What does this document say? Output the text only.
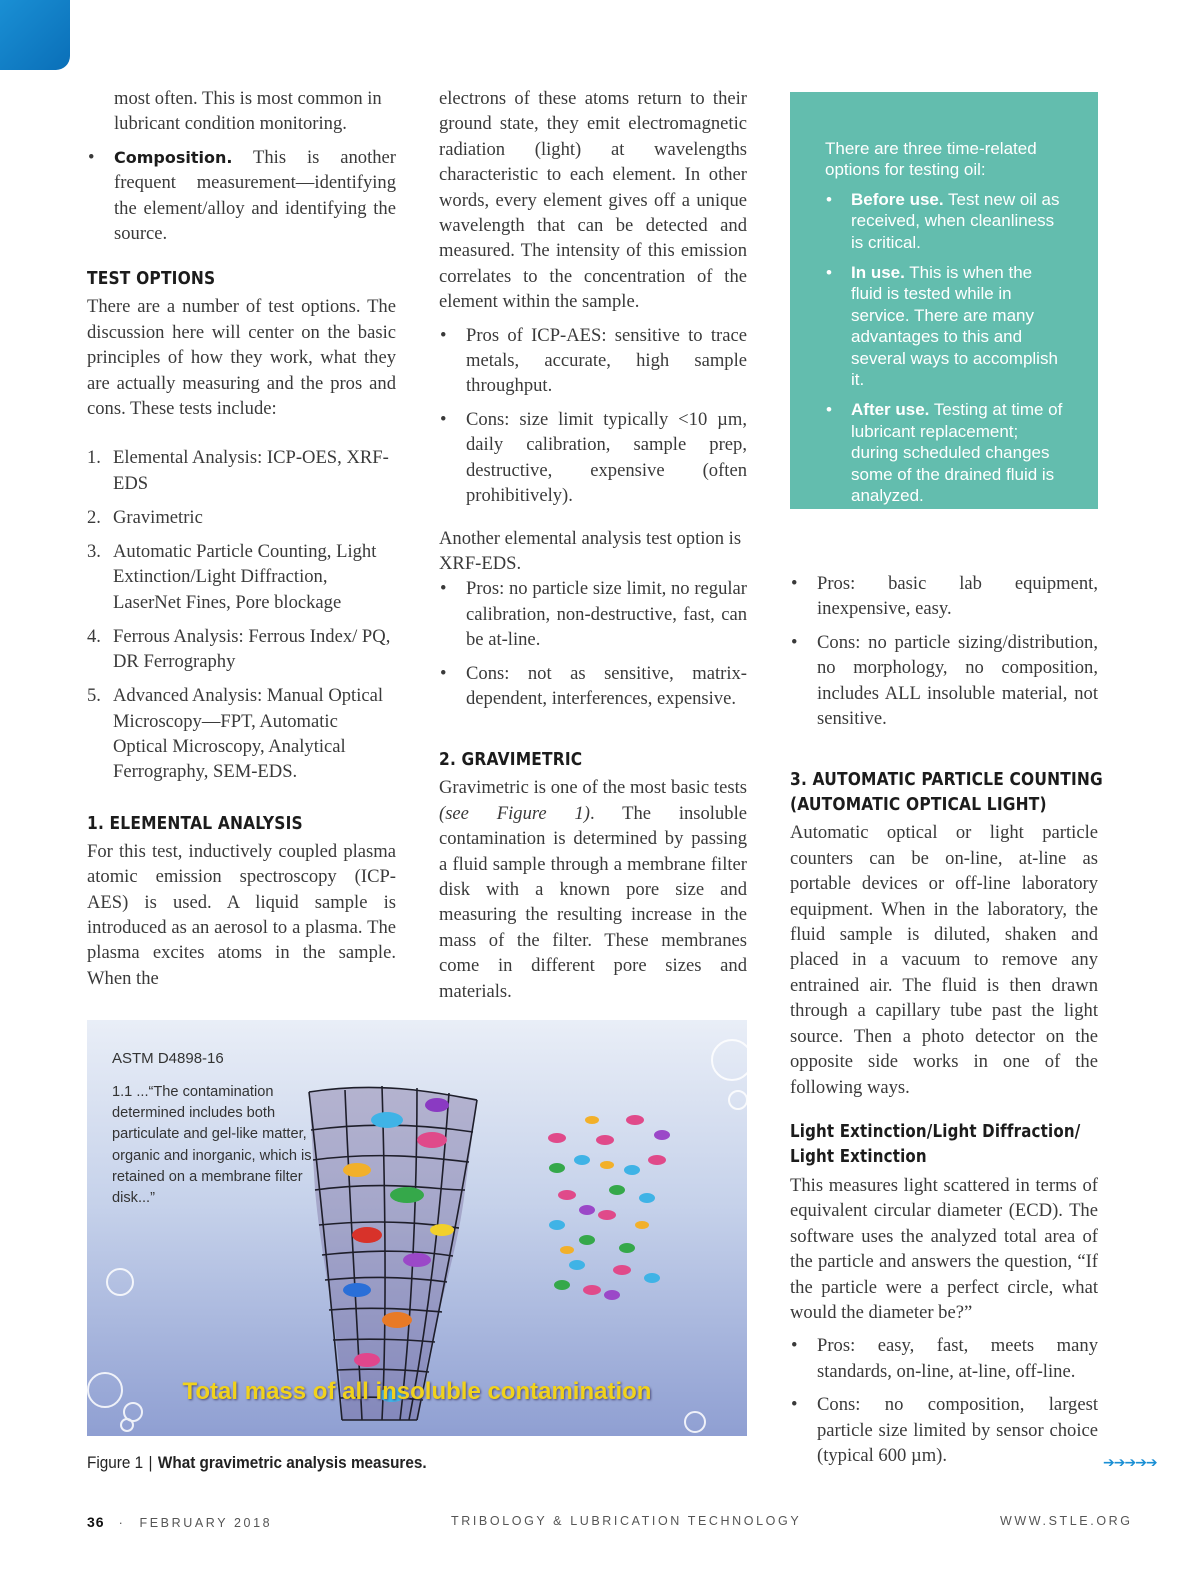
most often. This is most common in lubricant condition monitoring.

• Composition. This is another frequent measurement—identifying the element/alloy and identifying the source.
TEST OPTIONS

There are a number of test options. The discussion here will center on the basic principles of how they work, what they are actually measuring and the pros and cons. These tests include:

1. Elemental Analysis: ICP-OES, XRF-EDS
2. Gravimetric
3. Automatic Particle Counting, Light Extinction/Light Diffraction, LaserNet Fines, Pore blockage
4. Ferrous Analysis: Ferrous Index/ PQ, DR Ferrography
5. Advanced Analysis: Manual Optical Microscopy—FPT, Automatic Optical Microscopy, Analytical Ferrography, SEM-EDS.
1. ELEMENTAL ANALYSIS

For this test, inductively coupled plasma atomic emission spectroscopy (ICP-AES) is used. A liquid sample is introduced as an aerosol to a plasma. The plasma excites atoms in the sample. When the

electrons of these atoms return to their ground state, they emit electromagnetic radiation (light) at wavelengths characteristic to each element. In other words, every element gives off a unique wavelength that can be detected and measured. The intensity of this emission correlates to the concentration of the element within the sample.

• Pros of ICP-AES: sensitive to trace metals, accurate, high sample throughput.
• Cons: size limit typically <10 µm, daily calibration, sample prep, destructive, expensive (often prohibitively).

Another elemental analysis test option is XRF-EDS.

• Pros: no particle size limit, no regular calibration, non-destructive, fast, can be at-line.
• Cons: not as sensitive, matrix-dependent, interferences, expensive.
2. GRAVIMETRIC

Gravimetric is one of the most basic tests (see Figure 1). The insoluble contamination is determined by passing a fluid sample through a membrane filter disk with a known pore size and measuring the resulting increase in the mass of the filter. These membranes come in different pore sizes and materials.

There are three time-related options for testing oil:
• Before use. Test new oil as received, when cleanliness is critical.
• In use. This is when the fluid is tested while in service. There are many advantages to this and several ways to accomplish it.
• After use. Testing at time of lubricant replacement; during scheduled changes some of the drained fluid is analyzed.
• Pros: basic lab equipment, inexpensive, easy.
• Cons: no particle sizing/distribution, no morphology, no composition, includes ALL insoluble material, not sensitive.
3. AUTOMATIC PARTICLE COUNTING
(AUTOMATIC OPTICAL LIGHT)

Automatic optical or light particle counters can be on-line, at-line as portable devices or off-line laboratory equipment. When in the laboratory, the fluid sample is diluted, shaken and placed in a vacuum to remove any entrained air. The fluid is then drawn through a capillary tube past the light source. Then a photo detector on the opposite side works in one of the following ways.

Light Extinction/Light Diffraction/
Light Extinction

This measures light scattered in terms of equivalent circular diameter (ECD). The software uses the analyzed total area of the particle and answers the question, “If the particle were a perfect circle, what would the diameter be?”

• Pros: easy, fast, meets many standards, on-line, at-line, off-line.
• Cons: no composition, largest particle size limited by sensor choice (typical 600 µm).
ASTM D4898-16
1.1 ...“The contamination determined includes both particulate and gel-like matter, organic and inorganic, which is retained on a membrane filter disk...”
Total mass of all insoluble contamination
Figure 1 | What gravimetric analysis measures.	➔➔➔➔➔
36 · FEBRUARY 2018	TRIBOLOGY & LUBRICATION TECHNOLOGY	WWW.STLE.ORG
